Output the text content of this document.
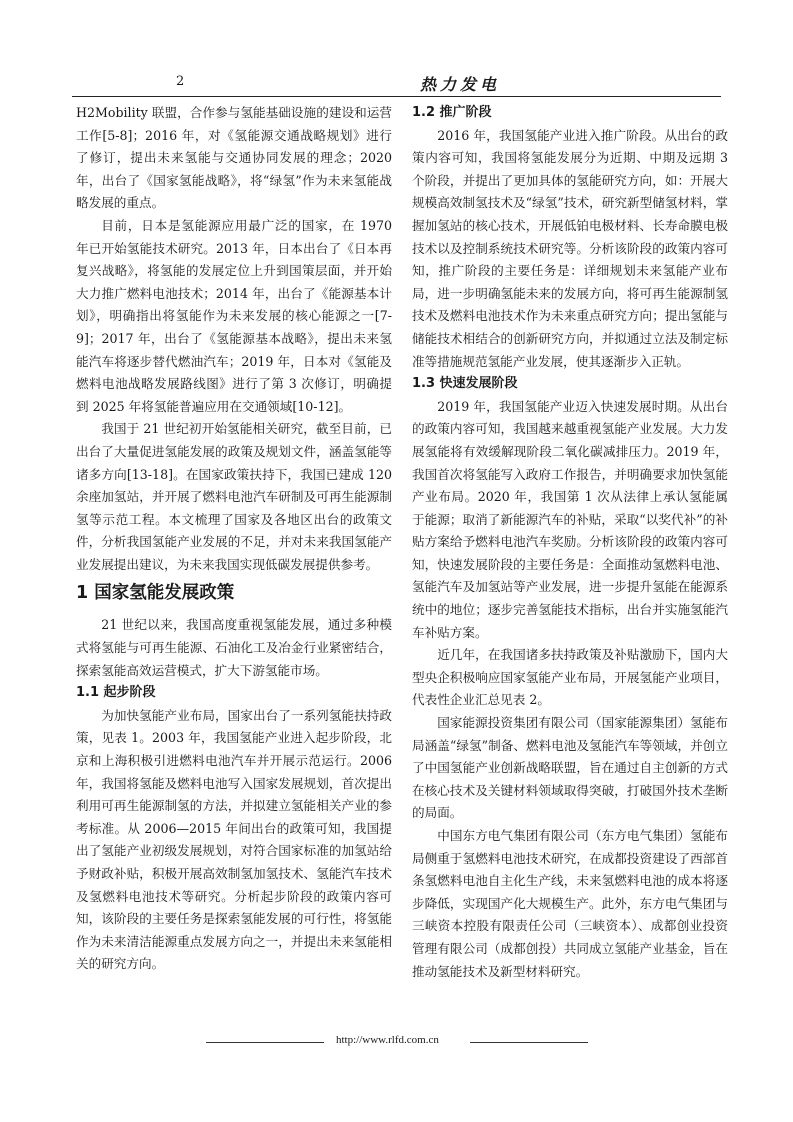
2	热力发电

H2Mobility 联盟，合作参与氢能基础设施的建设和运营工作[5-8]；2016 年，对《氢能源交通战略规划》进行了修订，提出未来氢能与交通协同发展的理念；2020 年，出台了《国家氢能战略》，将“绿氢”作为未来氢能战略发展的重点。

目前，日本是氢能源应用最广泛的国家，在 1970 年已开始氢能技术研究。2013 年，日本出台了《日本再复兴战略》，将氢能的发展定位上升到国策层面，并开始大力推广燃料电池技术；2014 年，出台了《能源基本计划》，明确指出将氢能作为未来发展的核心能源之一[7-9]；2017 年，出台了《氢能源基本战略》，提出未来氢能汽车将逐步替代燃油汽车；2019 年，日本对《氢能及燃料电池战略发展路线图》进行了第 3 次修订，明确提到 2025 年将氢能普遍应用在交通领域[10-12]。

我国于 21 世纪初开始氢能相关研究，截至目前，已出台了大量促进氢能发展的政策及规划文件，涵盖氢能等诸多方向[13-18]。在国家政策扶持下，我国已建成 120 余座加氢站，并开展了燃料电池汽车研制及可再生能源制氢等示范工程。本文梳理了国家及各地区出台的政策文件，分析我国氢能产业发展的不足，并对未来我国氢能产业发展提出建议，为未来我国实现低碳发展提供参考。

1 国家氢能发展政策

21 世纪以来，我国高度重视氢能发展，通过多种模式将氢能与可再生能源、石油化工及冶金行业紧密结合，探索氢能高效运营模式，扩大下游氢能市场。

1.1 起步阶段

为加快氢能产业布局，国家出台了一系列氢能扶持政策，见表 1。2003 年，我国氢能产业进入起步阶段，北京和上海积极引进燃料电池汽车并开展示范运行。2006 年，我国将氢能及燃料电池写入国家发展规划，首次提出利用可再生能源制氢的方法，并拟建立氢能相关产业的参考标准。从 2006—2015 年间出台的政策可知，我国提出了氢能产业初级发展规划，对符合国家标准的加氢站给予财政补贴，积极开展高效制氢加氢技术、氢能汽车技术及氢燃料电池技术等研究。分析起步阶段的政策内容可知，该阶段的主要任务是探索氢能发展的可行性，将氢能作为未来清洁能源重点发展方向之一，并提出未来氢能相关的研究方向。

1.2 推广阶段

2016 年，我国氢能产业进入推广阶段。从出台的政策内容可知，我国将氢能发展分为近期、中期及远期 3 个阶段，并提出了更加具体的氢能研究方向，如：开展大规模高效制氢技术及“绿氢”技术，研究新型储氢材料，掌握加氢站的核心技术，开展低铂电极材料、长寿命膜电极技术以及控制系统技术研究等。分析该阶段的政策内容可知，推广阶段的主要任务是：详细规划未来氢能产业布局，进一步明确氢能未来的发展方向，将可再生能源制氢技术及燃料电池技术作为未来重点研究方向；提出氢能与储能技术相结合的创新研究方向，并拟通过立法及制定标准等措施规范氢能产业发展，使其逐渐步入正轨。

1.3 快速发展阶段

2019 年，我国氢能产业迈入快速发展时期。从出台的政策内容可知，我国越来越重视氢能产业发展。大力发展氢能将有效缓解现阶段二氧化碳减排压力。2019 年，我国首次将氢能写入政府工作报告，并明确要求加快氢能产业布局。2020 年，我国第 1 次从法律上承认氢能属于能源；取消了新能源汽车的补贴，采取“以奖代补”的补贴方案给予燃料电池汽车奖励。分析该阶段的政策内容可知，快速发展阶段的主要任务是：全面推动氢燃料电池、氢能汽车及加氢站等产业发展，进一步提升氢能在能源系统中的地位；逐步完善氢能技术指标，出台并实施氢能汽车补贴方案。

近几年，在我国诸多扶持政策及补贴激励下，国内大型央企积极响应国家氢能产业布局，开展氢能产业项目，代表性企业汇总见表 2。

国家能源投资集团有限公司（国家能源集团）氢能布局涵盖“绿氢”制备、燃料电池及氢能汽车等领域，并创立了中国氢能产业创新战略联盟，旨在通过自主创新的方式在核心技术及关键材料领域取得突破，打破国外技术垄断的局面。

中国东方电气集团有限公司（东方电气集团）氢能布局侧重于氢燃料电池技术研究，在成都投资建设了西部首条氢燃料电池自主化生产线，未来氢燃料电池的成本将逐步降低，实现国产化大规模生产。此外，东方电气集团与三峡资本控股有限责任公司（三峡资本）、成都创业投资管理有限公司（成都创投）共同成立氢能产业基金，旨在推动氢能技术及新型材料研究。

http://www.rlfd.com.cn
